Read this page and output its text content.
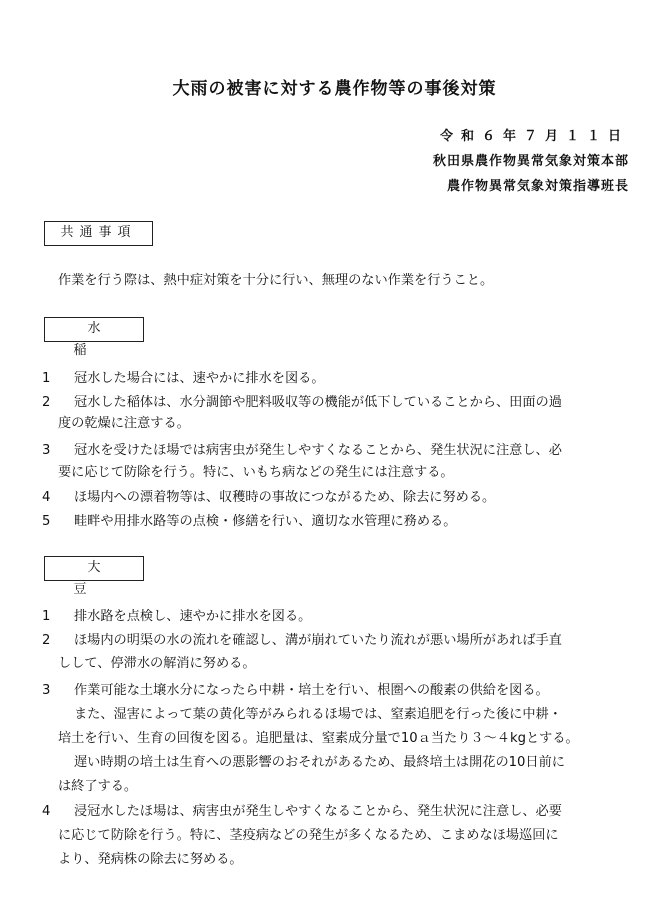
大雨の被害に対する農作物等の事後対策
令和６年７月１１日
秋田県農作物異常気象対策本部
農作物異常気象対策指導班長
共通事項
作業を行う際は、熱中症対策を十分に行い、無理のない作業を行うこと。
水稲
1	冠水した場合には、速やかに排水を図る。
2	冠水した稲体は、水分調節や肥料吸収等の機能が低下していることから、田面の過
度の乾燥に注意する。
3	冠水を受けたほ場では病害虫が発生しやすくなることから、発生状況に注意し、必
要に応じて防除を行う。特に、いもち病などの発生には注意する。
4	ほ場内への漂着物等は、収穫時の事故につながるため、除去に努める。
5	畦畔や用排水路等の点検・修繕を行い、適切な水管理に務める。
大豆
1	排水路を点検し、速やかに排水を図る。
2	ほ場内の明渠の水の流れを確認し、溝が崩れていたり流れが悪い場所があれば手直
しして、停滞水の解消に努める。
3	作業可能な土壌水分になったら中耕・培土を行い、根圏への酸素の供給を図る。
また、湿害によって葉の黄化等がみられるほ場では、窒素追肥を行った後に中耕・
培土を行い、生育の回復を図る。追肥量は、窒素成分量で10ａ当たり３～４kgとする。
遅い時期の培土は生育への悪影響のおそれがあるため、最終培土は開花の10日前に
は終了する。
4	浸冠水したほ場は、病害虫が発生しやすくなることから、発生状況に注意し、必要
に応じて防除を行う。特に、茎疫病などの発生が多くなるため、こまめなほ場巡回に
より、発病株の除去に努める。
